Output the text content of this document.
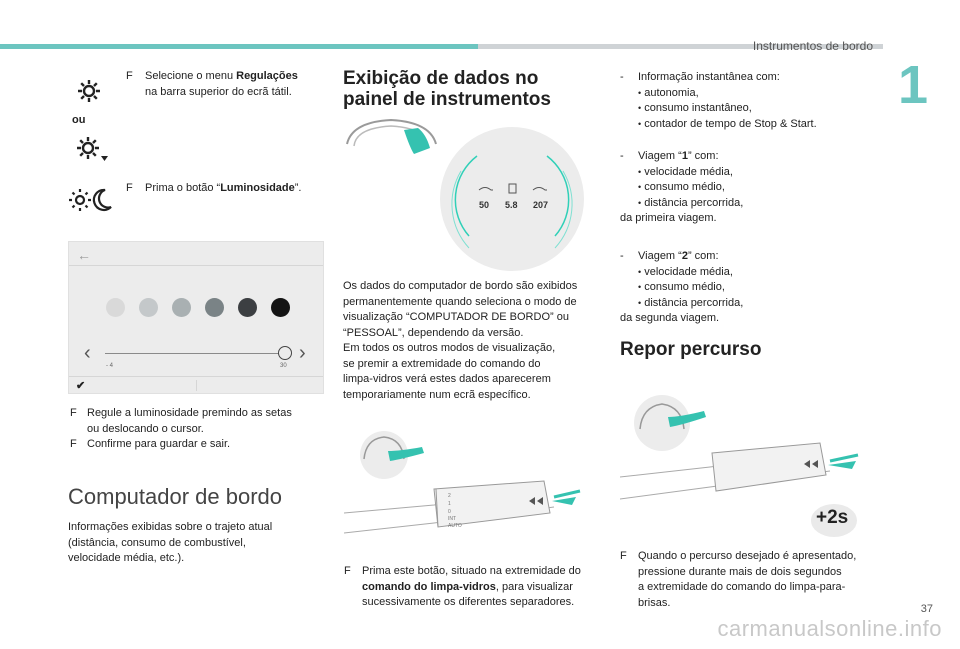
Instrumentos de bordo
1
ou
F Selecione o menu Regulações
na barra superior do ecrã tátil.
F Prima o botão “Luminosidade”.
←
‹	›
- 4	30
✔
F Regule a luminosidade premindo as setas
ou deslocando o cursor.
F Confirme para guardar e sair.
Computador de bordo
Informações exibidas sobre o trajeto atual
(distância, consumo de combustível,
velocidade média, etc.).
Exibição de dados no
painel de instrumentos
50 5.8 207
Os dados do computador de bordo são exibidos
permanentemente quando seleciona o modo de
visualização “COMPUTADOR DE BORDO” ou
“PESSOAL”, dependendo da versão.
Em todos os outros modos de visualização,
se premir a extremidade do comando do
limpa-vidros verá estes dados aparecerem
temporariamente num ecrã específico.
2
1
0
INT
AUTO
F Prima este botão, situado na extremidade do
comando do limpa-vidros, para visualizar
sucessivamente os diferentes separadores.
- Informação instantânea com:
• autonomia,
• consumo instantâneo,
• contador de tempo de Stop & Start.
- Viagem “1” com:
• velocidade média,
• consumo médio,
• distância percorrida,
da primeira viagem.
- Viagem “2” com:
• velocidade média,
• consumo médio,
• distância percorrida,
da segunda viagem.
Repor percurso
+2s
F Quando o percurso desejado é apresentado,
pressione durante mais de dois segundos
a extremidade do comando do limpa-para-
brisas.
37
carmanualsonline.info
